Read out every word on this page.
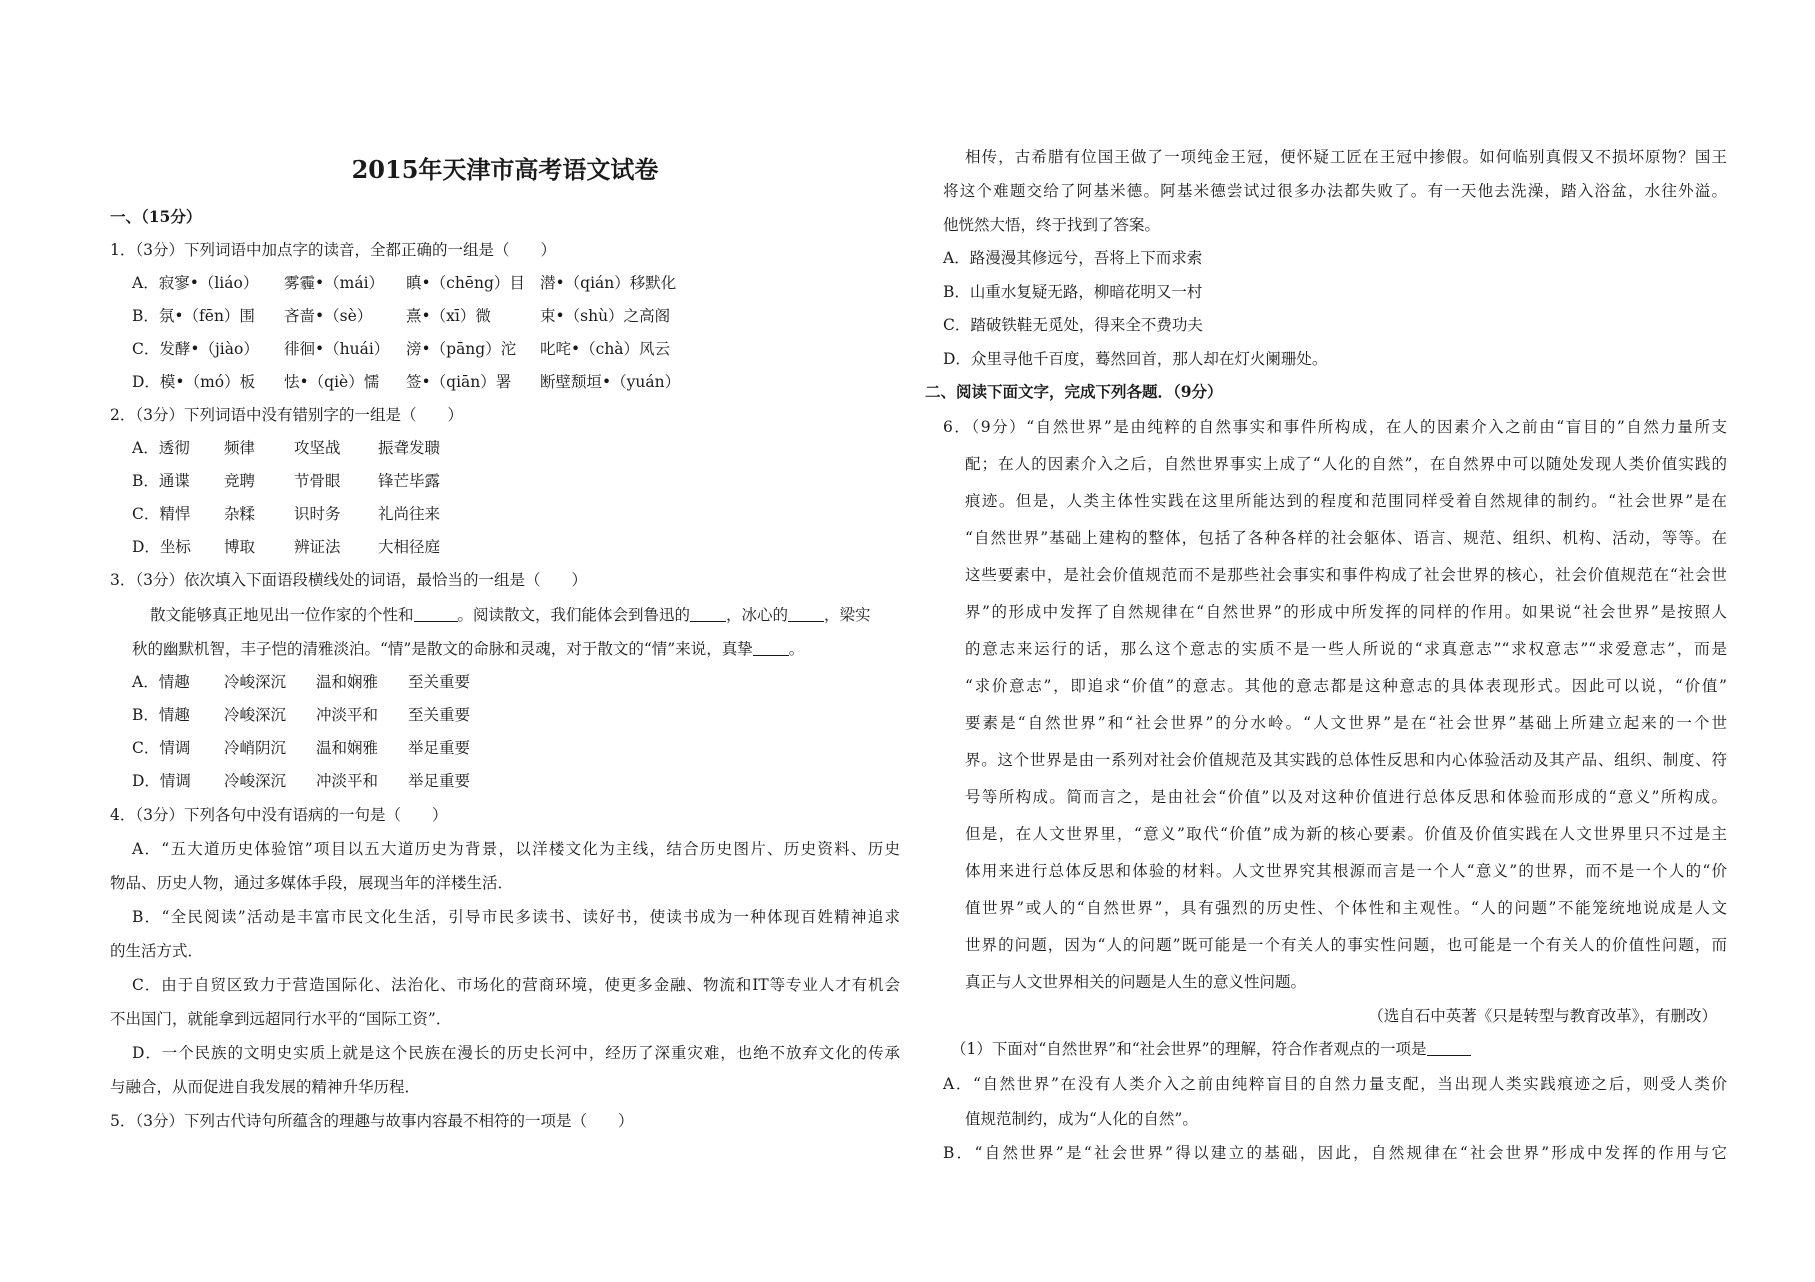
2015年天津市高考语文试卷
一、（15分）
1．（3分）下列词语中加点字的读音，全都正确的一组是（　　）
A．寂寥•（liáo） 雾霾•（mái） 瞋•（chēng）目 潜•（qián）移默化
B．氛•（fēn）围 吝啬•（sè） 熹•（xī）微	束•（shù）之高阁
C．发酵•（jiào） 徘徊•（huái） 滂•（pāng）沱 叱咤•（chà）风云
D．模•（mó）板 怯•（qiè）懦 签•（qiān）署 断壁颓垣•（yuán）
2．（3分）下列词语中没有错别字的一组是（　　）
A．透彻 频律	攻坚战 振聋发聩
B．通谍 竞聘	节骨眼 锋芒毕露
C．精悍 杂糅	识时务 礼尚往来
D．坐标 博取	辨证法 大相径庭
3．（3分）依次填入下面语段横线处的词语，最恰当的一组是（　　）
散文能够真正地见出一位作家的个性和	。阅读散文，我们能体会到鲁迅的 ，冰心的 ，梁实
秋的幽默机智，丰子恺的清雅淡泊。“情”是散文的命脉和灵魂，对于散文的“情”来说，真挚 。
A．情趣 冷峻深沉 温和娴雅 至关重要
B．情趣 冷峻深沉 冲淡平和 至关重要
C．情调 冷峭阴沉 温和娴雅 举足重要
D．情调 冷峻深沉 冲淡平和 举足重要
4．（3分）下列各句中没有语病的一句是（　　）
A．“五大道历史体验馆”项目以五大道历史为背景，以洋楼文化为主线，结合历史图片、历史资料、历史
物品、历史人物，通过多媒体手段，展现当年的洋楼生活．
B．“全民阅读”活动是丰富市民文化生活，引导市民多读书、读好书，使读书成为一种体现百姓精神追求
的生活方式．
C．由于自贸区致力于营造国际化、法治化、市场化的营商环境，使更多金融、物流和IT等专业人才有机会
不出国门，就能拿到远超同行水平的“国际工资”．
D．一个民族的文明史实质上就是这个民族在漫长的历史长河中，经历了深重灾难，也绝不放弃文化的传承
与融合，从而促进自我发展的精神升华历程．
5．（3分）下列古代诗句所蕴含的理趣与故事内容最不相符的一项是（　　）
相传，古希腊有位国王做了一项纯金王冠，便怀疑工匠在王冠中掺假。如何临别真假又不损坏原物？国王
将这个难题交给了阿基米德。阿基米德尝试过很多办法都失败了。有一天他去洗澡，踏入浴盆，水往外溢。
他恍然大悟，终于找到了答案。
A．路漫漫其修远兮，吾将上下而求索
B．山重水复疑无路，柳暗花明又一村
C．踏破铁鞋无觅处，得来全不费功夫
D．众里寻他千百度，蓦然回首，那人却在灯火阑珊处。
二、阅读下面文字，完成下列各题．（9分）
6．（9分）“自然世界”是由纯粹的自然事实和事件所构成，在人的因素介入之前由“盲目的”自然力量所支
配；在人的因素介入之后，自然世界事实上成了“人化的自然”，在自然界中可以随处发现人类价值实践的
痕迹。但是，人类主体性实践在这里所能达到的程度和范围同样受着自然规律的制约。“社会世界”是在
“自然世界”基础上建构的整体，包括了各种各样的社会躯体、语言、规范、组织、机构、活动，等等。在
这些要素中，是社会价值规范而不是那些社会事实和事件构成了社会世界的核心，社会价值规范在“社会世
界”的形成中发挥了自然规律在“自然世界”的形成中所发挥的同样的作用。如果说“社会世界”是按照人
的意志来运行的话，那么这个意志的实质不是一些人所说的“求真意志”“求权意志”“求爱意志”，而是
“求价意志”，即追求“价值”的意志。其他的意志都是这种意志的具体表现形式。因此可以说，“价值”
要素是“自然世界”和“社会世界”的分水岭。“人文世界”是在“社会世界”基础上所建立起来的一个世
界。这个世界是由一系列对社会价值规范及其实践的总体性反思和内心体验活动及其产品、组织、制度、符
号等所构成。简而言之，是由社会“价值”以及对这种价值进行总体反思和体验而形成的“意义”所构成。
但是，在人文世界里，“意义”取代“价值”成为新的核心要素。价值及价值实践在人文世界里只不过是主
体用来进行总体反思和体验的材料。人文世界究其根源而言是一个人“意义”的世界，而不是一个人的“价
值世界”或人的“自然世界”，具有强烈的历史性、个体性和主观性。“人的问题”不能笼统地说成是人文
世界的问题，因为“人的问题”既可能是一个有关人的事实性问题，也可能是一个有关人的价值性问题，而
真正与人文世界相关的问题是人生的意义性问题。
（选自石中英著《只是转型与教育改革》，有删改）
（1）下面对“自然世界”和“社会世界”的理解，符合作者观点的一项是
A．“自然世界”在没有人类介入之前由纯粹盲目的自然力量支配，当出现人类实践痕迹之后，则受人类价
值规范制约，成为“人化的自然”。
B．“自然世界”是“社会世界”得以建立的基础，因此，自然规律在“社会世界”形成中发挥的作用与它
